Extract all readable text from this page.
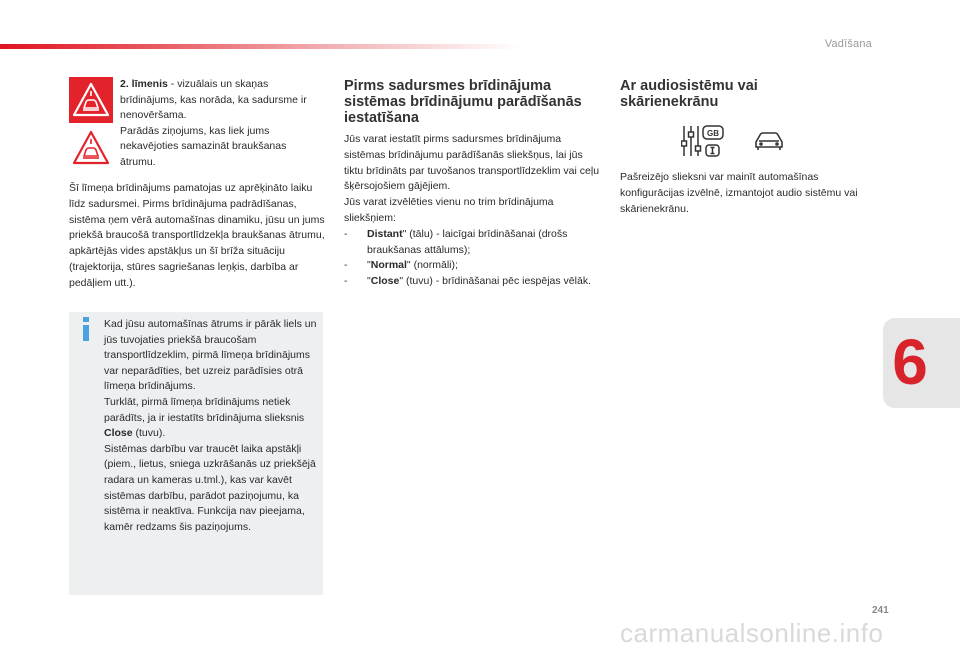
Vadīšana
241
6
carmanualsonline.info

2. līmenis - vizuālais un skaņas brīdinājums, kas norāda, ka sadursme ir nenovēršama.

Parādās ziņojums, kas liek jums nekavējoties samazināt braukšanas ātrumu.

Šī līmeņa brīdinājums pamatojas uz aprēķināto laiku līdz sadursmei. Pirms brīdinājuma padrādīšanas, sistēma ņem vērā automašīnas dinamiku, jūsu un jums priekšā braucošā transportlīdzekļa braukšanas ātrumu, apkārtējās vides apstākļus un šī brīža situāciju (trajektorija, stūres sagriešanas leņķis, darbība ar pedāļiem utt.).

Kad jūsu automašīnas ātrums ir pārāk liels un jūs tuvojaties priekšā braucošam transportlīdzeklim, pirmā līmeņa brīdinājums var neparādīties, bet uzreiz parādīsies otrā līmeņa brīdinājums.

Turklāt, pirmā līmeņa brīdinājums netiek parādīts, ja ir iestatīts brīdinājuma slieksnis Close (tuvu).

Sistēmas darbību var traucēt laika apstākļi (piem., lietus, sniega uzkrāšanās uz priekšējā radara un kameras u.tml.), kas var kavēt sistēmas darbību, parādot paziņojumu, ka sistēma ir neaktīva. Funkcija nav pieejama, kamēr redzams šis paziņojums.

Pirms sadursmes brīdinājuma sistēmas brīdinājumu parādīšanās iestatīšana

Jūs varat iestatīt pirms sadursmes brīdinājuma sistēmas brīdinājumu parādīšanās sliekšņus, lai jūs tiktu brīdināts par tuvošanos transportlīdzeklim vai ceļu šķērsojošiem gājējiem.

Jūs varat izvēlēties vienu no trim brīdinājuma sliekšņiem:

- Distant" (tālu) - laicīgai brīdināšanai (drošs braukšanas attālums);
- "Normal" (normāli);
- "Close" (tuvu) - brīdināšanai pēc iespējas vēlāk.
Ar audiosistēmu vai skārienekrānu
GB

Pašreizējo slieksni var mainīt automašīnas konfigurācijas izvēlnē, izmantojot audio sistēmu vai skārienekrānu.
